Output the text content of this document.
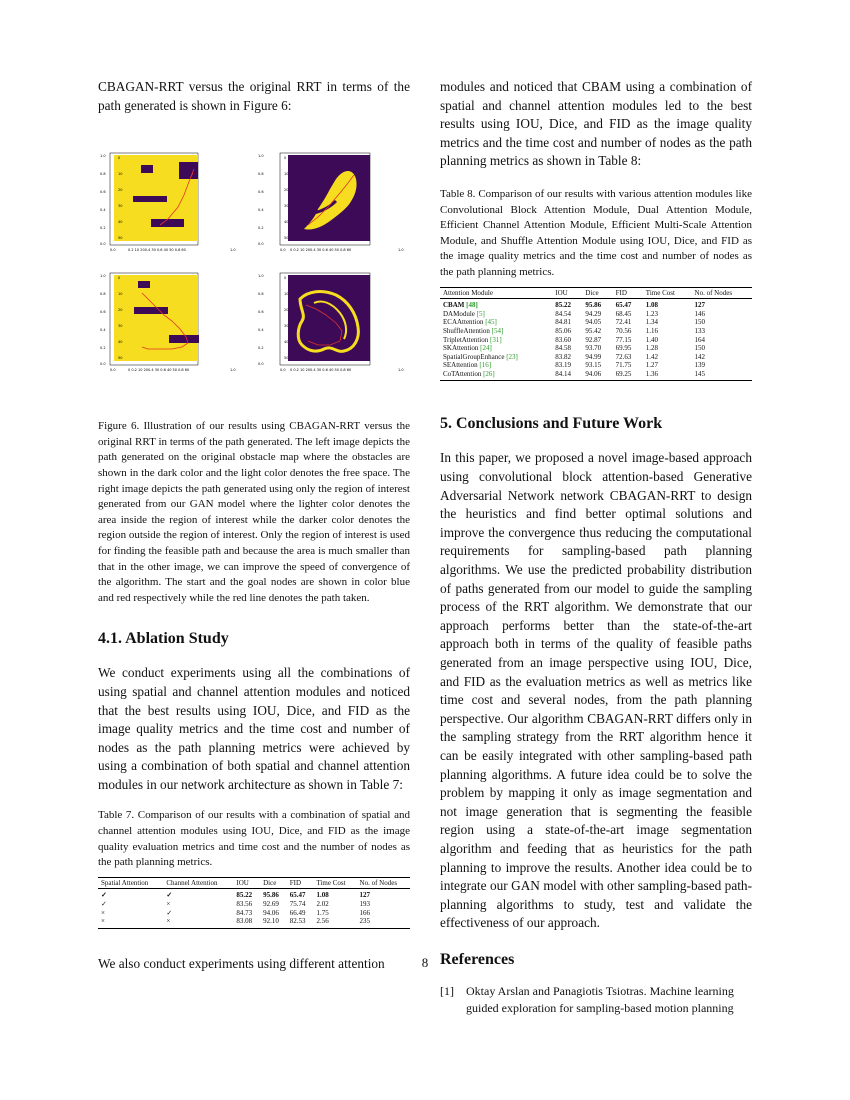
CBAGAN-RRT versus the original RRT in terms of the path generated is shown in Figure 6:

1.0
0.8
0.6
0.4
0.2
0.0
0.0	0.2 10 200.4 30 0.6 40 50 0.8 60	1.0
0
10
20
30
40
50
1.0
0.8
0.6
0.4
0.2
0.0
0.0 0 0.2 10 200.4 30 0.6 40 50 0.8 60	1.0
0
10
20
30
40
50
1.0
0.8
0.6
0.4
0.2
0.0
0.0	0 0.2 10 200.4 30 0.6 40 50 0.8 60	1.0
0
10
20
30
40
50
1.0
0.8
0.6
0.4
0.2
0.0
0.0 0 0.2 10 200.4 30 0.6 40 50 0.8 60	1.0
0
10
20
30
40
50

Figure 6. Illustration of our results using CBAGAN-RRT versus the original RRT in terms of the path generated. The left image depicts the path generated on the original obstacle map where the obstacles are shown in the dark color and the light color denotes the free space. The right image depicts the path generated using only the region of interest generated from our GAN model where the lighter color denotes the area inside the region of interest while the darker color denotes the region outside the region of interest. Only the region of interest is used for finding the feasible path and because the area is much smaller than that in the other image, we can improve the speed of convergence of the algorithm. The start and the goal nodes are shown in color blue and red respectively while the red line denotes the path taken.

4.1. Ablation Study

We conduct experiments using all the combinations of using spatial and channel attention modules and noticed that the best results using IOU, Dice, and FID as the image quality metrics and the time cost and number of nodes as the path planning metrics were achieved by using a combination of both spatial and channel attention modules in our network architecture as shown in Table 7:

Table 7. Comparison of our results with a combination of spatial and channel attention modules using IOU, Dice, and FID as the image quality evaluation metrics and time cost and the number of nodes as the path planning metrics.

Spatial Attention	Channel Attention	IOU	Dice	FID	Time Cost	No. of Nodes
✓	✓	85.22	95.86	65.47	1.08	127
✓	×	83.56	92.69	75.74	2.02	193
×	✓	84.73	94.06	66.49	1.75	166
×	×	83.08	92.10	82.53	2.56	235

We also conduct experiments using different attention

modules and noticed that CBAM using a combination of spatial and channel attention modules led to the best results using IOU, Dice, and FID as the image quality metrics and the time cost and number of nodes as the path planning metrics as shown in Table 8:

Table 8. Comparison of our results with various attention modules like Convolutional Block Attention Module, Dual Attention Module, Efficient Channel Attention Module, Efficient Multi-Scale Attention Module, and Shuffle Attention Module using IOU, Dice, and FID as the image quality metrics and the time cost and number of nodes as the path planning metrics.

Attention Module	IOU	Dice	FID	Time Cost	No. of Nodes
CBAM [48]	85.22	95.86	65.47	1.08	127
DAModule [5]	84.54	94.29	68.45	1.23	146
ECAAttention [45]	84.81	94.05	72.41	1.34	150
ShuffleAttention [54]	85.06	95.42	70.56	1.16	133
TripletAttention [31]	83.60	92.87	77.15	1.40	164
SKAttention [24]	84.58	93.70	69.95	1.28	150
SpatialGroupEnhance [23]	83.82	94.99	72.63	1.42	142
SEAttention [16]	83.19	93.15	71.75	1.27	139
CoTAttention [26]	84.14	94.06	69.25	1.36	145
5. Conclusions and Future Work

In this paper, we proposed a novel image-based approach using convolutional block attention-based Generative Adversarial Network network CBAGAN-RRT to design the heuristics and find better optimal solutions and improve the convergence thus reducing the computational requirements for sampling-based path planning algorithms. We use the predicted probability distribution of paths generated from our model to guide the sampling process of the RRT algorithm. We demonstrate that our approach performs better than the state-of-the-art approach both in terms of the quality of feasible paths generated from an image perspective using IOU, Dice, and FID as the evaluation metrics as well as metrics like time cost and several nodes, from the path planning perspective. Our algorithm CBAGAN-RRT differs only in the sampling strategy from the RRT algorithm hence it can be easily integrated with other sampling-based path planning algorithms. A future idea could be to solve the problem by mapping it only as image segmentation and not image generation that is segmenting the feasible region using a state-of-the-art image segmentation algorithm and feeding that as heuristics for the path planning to improve the results. Another idea could be to integrate our GAN model with other sampling-based path-planning algorithms to study, test and validate the effectiveness of our approach.

References
[1]	Oktay Arslan and Panagiotis Tsiotras. Machine learning guided exploration for sampling-based motion planning
8
